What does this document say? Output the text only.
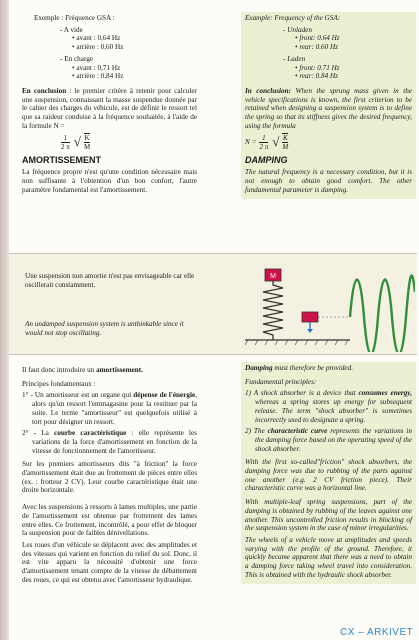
Exemple : Fréquence GSA :
- A vide
• avant : 0,64 Hz
• arrière : 0,60 Hz
- En charge
• avant : 0,71 Hz
• arrière : 0,84 Hz
En conclusion : le premier critère à retenir pour calculer une suspension, connaissant la masse suspendue donnée par le cahier des charges du véhicule, est de définir le ressort tel que sa raideur conduise à la fréquence souhaitée, à l'aide de la formule N =
$\frac{1}{2 \pi}$ √ $\frac{K}{M}$
AMORTISSEMENT
La fréquence propre n'est qu'une condition nécessaire mais non suffisante à l'obtention d'un bon confort, l'autre paramètre fondamental est l'amortissement.
Example: Frequency of the GSA:
- Unladen
• front: 0.64 Hz
• rear: 0.60 Hz
- Laden
• front: 0.71 Hz
• rear: 0.84 Hz
In conclusion: When the sprung mass given in the vehicle specifications is known, the first criterion to be retained when designing a suspension system is to define the spring so that its stiffness gives the desired frequency, using the formula
$N = \frac{1}{2 \pi}$ √ $\frac{K}{M}$
DAMPING
The natural frequency is a necessary condition, but it is not enough to obtain good comfort. The other fundamental parameter is damping.
Une suspension non amortie n'est pas envisageable car elle oscillerait constamment.
An undamped suspension system is unthinkable since it would not stop oscillating.
M
Il faut donc introduire un amortissement.
Principes fondamentaux :
1° - Un amortisseur est un organe qui dépense de l'énergie, alors qu'un ressort l'emmagasine pour la restituer par la suite. Le terme "amortisseur" est quelquefois utilisé à tort pour désigner un ressort.
2° - La courbe caractéristique : elle représente les variations de la force d'amortissement en fonction de la vitesse de fonctionnement de l'amortisseur.
Sur les premiers amortisseurs dits "à friction" la force d'amortissement était due au frottement de pièces entre elles (ex. : frotteur 2 CV). Leur courbe caractéristique était une droite horizontale.
Avec les suspensions à ressorts à lames multiples, une partie de l'amortissement est obtenue par frottement des lames entre elles. Ce frottement, incontrôlé, a pour effet de bloquer la suspension pour de faibles dénivellations.
Les roues d'un véhicule se déplacent avec des amplitudes et des vitesses qui varient en fonction du relief du sol. Donc, il est vite apparu la nécessité d'obtenir une force d'amortissement tenant compte de la vitesse de débattement des roues, ce qui est obtenu avec l'amortisseur hydraulique.
Damping must therefore be provided.
Fundamental principles:
1) A shock absorber is a device that consumes energy, whereas a spring stores up energy for subsequent release. The term "shock absorber" is sometimes incorrectly used to designate a spring.
2) The characteristic curve represents the variations in the damping force based on the operating speed of the shock absorber.
With the first so-called"friction" shock absorbers, the damping force was due to rubbing of the parts against one another (e.g. 2 CV friction piece). Their characteristic curve was a horizontal line.
With multiple-leaf spring suspensions, part of the damping is obtained by rubbing of the leaves against one another. This uncontrolled friction results in blocking of the suspension system in the case of minor irregularities.
The wheels of a vehicle move at amplitudes and speeds varying with the profile of the ground. Therefore, it quickly became apparent that there was a need to obtain a damping force taking wheel travel into consideration. This is obtained with the hydraulic shock absorber.
CX – ARKIVET
